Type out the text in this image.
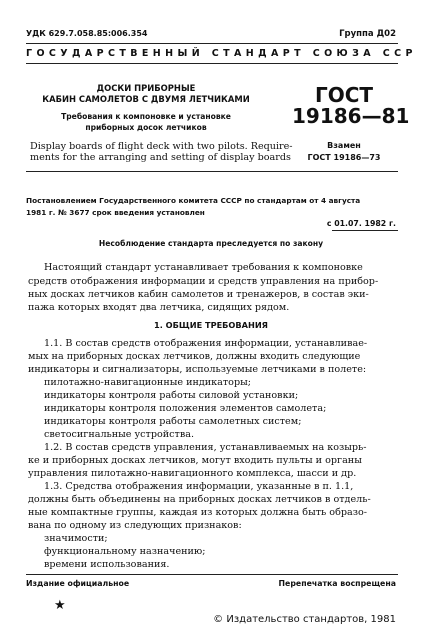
УДК 629.7.058.85:006.354	Группа Д02
ГОСУДАРСТВЕННЫЙ СТАНДАРТ СОЮЗА ССР
ДОСКИ ПРИБОРНЫЕ
КАБИН САМОЛЕТОВ С ДВУМЯ ЛЕТЧИКАМИ
Требования к компоновке и установке
приборных досок летчиков
Display boards of flight deck with two pilots. Require-
ments for the arranging and setting of display boards
ГОСТ
19186—81
Взамен
ГОСТ 19186—73
Постановлением Государственного комитета СССР по стандартам от 4 августа
1981 г. № 3677 срок введения установлен
с 01.07. 1982 г.
Несоблюдение стандарта преследуется по закону
Настоящий стандарт устанавливает требования к компоновке
средств отображения информации и средств управления на прибор-
ных досках летчиков кабин самолетов и тренажеров, в состав эки-
пажа которых входят два летчика, сидящих рядом.
1. ОБЩИЕ ТРЕБОВАНИЯ
1.1. В состав средств отображения информации, устанавливае-
мых на приборных досках летчиков, должны входить следующие
индикаторы и сигнализаторы, используемые летчиками в полете:
пилотажно-навигационные индикаторы;
индикаторы контроля работы силовой установки;
индикаторы контроля положения элементов самолета;
индикаторы контроля работы самолетных систем;
светосигнальные устройства.
1.2. В состав средств управления, устанавливаемых на козырь-
ке и приборных досках летчиков, могут входить пульты и органы
управления пилотажно-навигационного комплекса, шасси и др.
1.3. Средства отображения информации, указанные в п. 1.1,
должны быть объединены на приборных досках летчиков в отдель-
ные компактные группы, каждая из которых должна быть образо-
вана по одному из следующих признаков:
значимости;
функциональному назначению;
времени использования.
Издание официальное	Перепечатка воспрещена
★
© Издательство стандартов, 1981
